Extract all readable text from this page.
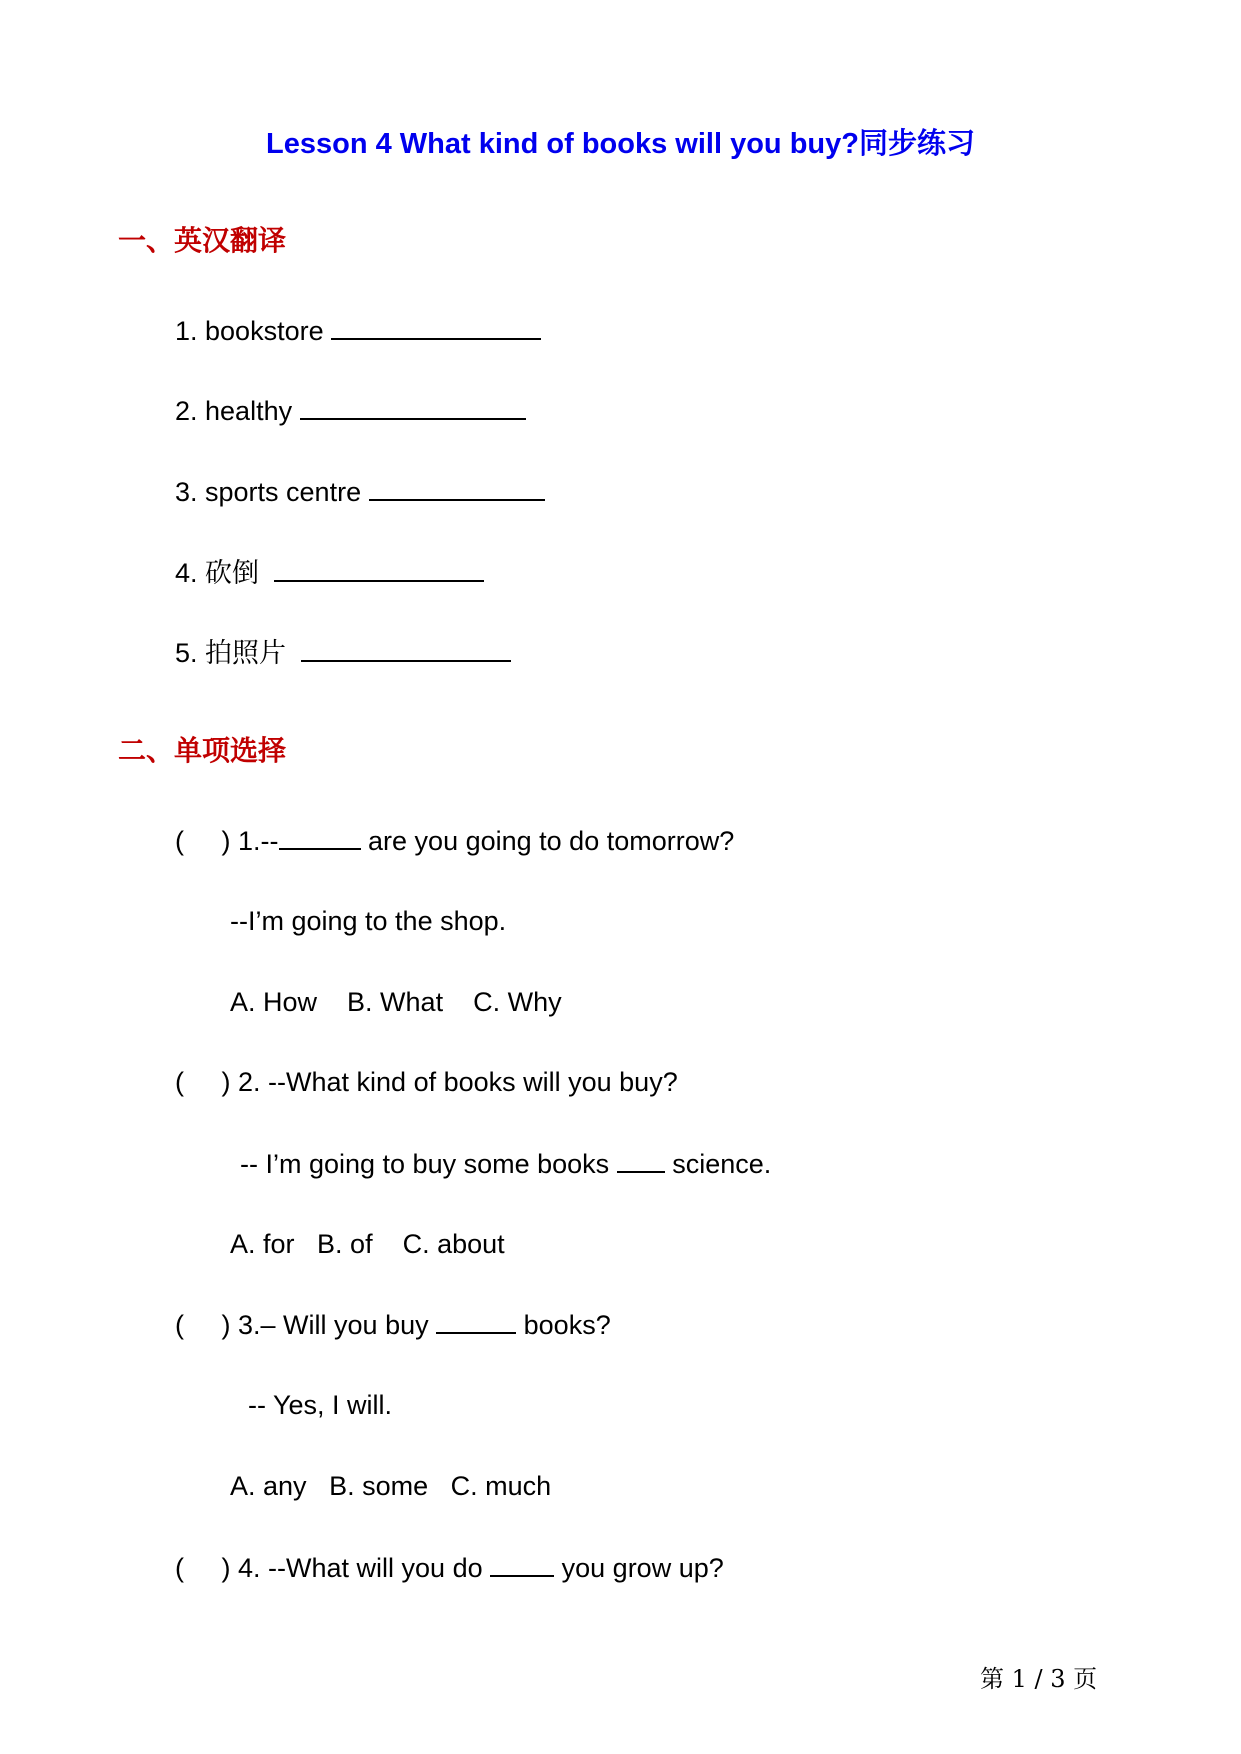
Lesson 4 What kind of books will you buy?同步练习
一、英汉翻译
1. bookstore
2. healthy
3. sports centre
4. 砍倒
5. 拍照片
二、单项选择
(     ) 1.--	are you going to do tomorrow?
--I’m going to the shop.
A. How B. What C. Why
(     ) 2. --What kind of books will you buy?
-- I’m going to buy some books science.
A. for B. of C. about
(     ) 3.– Will you buy	books?
-- Yes, I will.
A. any B. some C. much
(     ) 4. --What will you do	you grow up?
第 1 / 3 页
